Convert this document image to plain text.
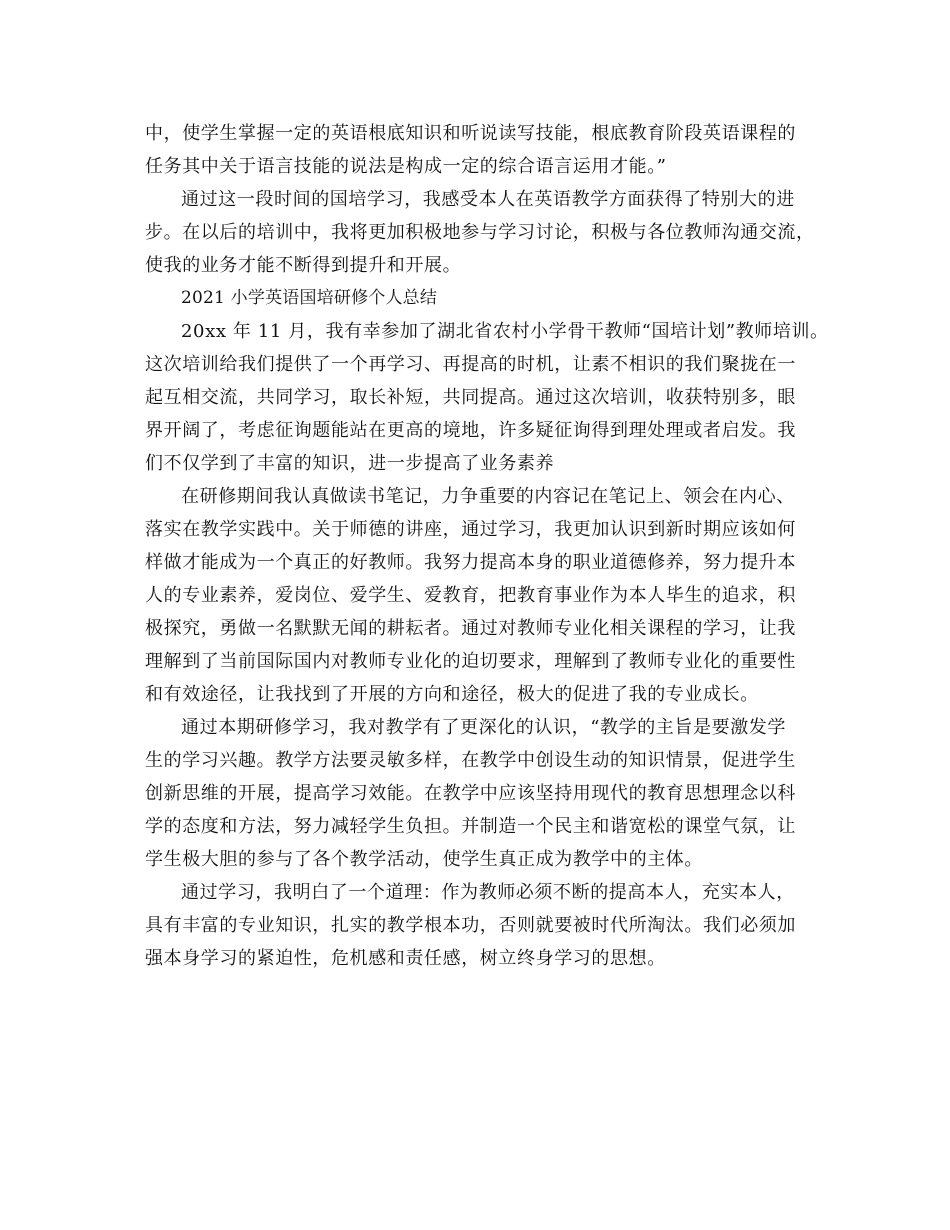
中，使学生掌握一定的英语根底知识和听说读写技能，根底教育阶段英语课程的
任务其中关于语言技能的说法是构成一定的综合语言运用才能。”
通过这一段时间的国培学习，我感受本人在英语教学方面获得了特别大的进
步。在以后的培训中，我将更加积极地参与学习讨论，积极与各位教师沟通交流，
使我的业务才能不断得到提升和开展。
2021 小学英语国培研修个人总结
20xx 年 11 月，我有幸参加了湖北省农村小学骨干教师“国培计划”教师培训。
这次培训给我们提供了一个再学习、再提高的时机，让素不相识的我们聚拢在一
起互相交流，共同学习，取长补短，共同提高。通过这次培训，收获特别多，眼
界开阔了，考虑征询题能站在更高的境地，许多疑征询得到理处理或者启发。我
们不仅学到了丰富的知识，进一步提高了业务素养
在研修期间我认真做读书笔记，力争重要的内容记在笔记上、领会在内心、
落实在教学实践中。关于师德的讲座，通过学习，我更加认识到新时期应该如何
样做才能成为一个真正的好教师。我努力提高本身的职业道德修养，努力提升本
人的专业素养，爱岗位、爱学生、爱教育，把教育事业作为本人毕生的追求，积
极探究，勇做一名默默无闻的耕耘者。通过对教师专业化相关课程的学习，让我
理解到了当前国际国内对教师专业化的迫切要求，理解到了教师专业化的重要性
和有效途径，让我找到了开展的方向和途径，极大的促进了我的专业成长。
通过本期研修学习，我对教学有了更深化的认识，“教学的主旨是要激发学
生的学习兴趣。教学方法要灵敏多样，在教学中创设生动的知识情景，促进学生
创新思维的开展，提高学习效能。在教学中应该坚持用现代的教育思想理念以科
学的态度和方法，努力减轻学生负担。并制造一个民主和谐宽松的课堂气氛，让
学生极大胆的参与了各个教学活动，使学生真正成为教学中的主体。
通过学习，我明白了一个道理：作为教师必须不断的提高本人，充实本人，
具有丰富的专业知识，扎实的教学根本功，否则就要被时代所淘汰。我们必须加
强本身学习的紧迫性，危机感和责任感，树立终身学习的思想。
